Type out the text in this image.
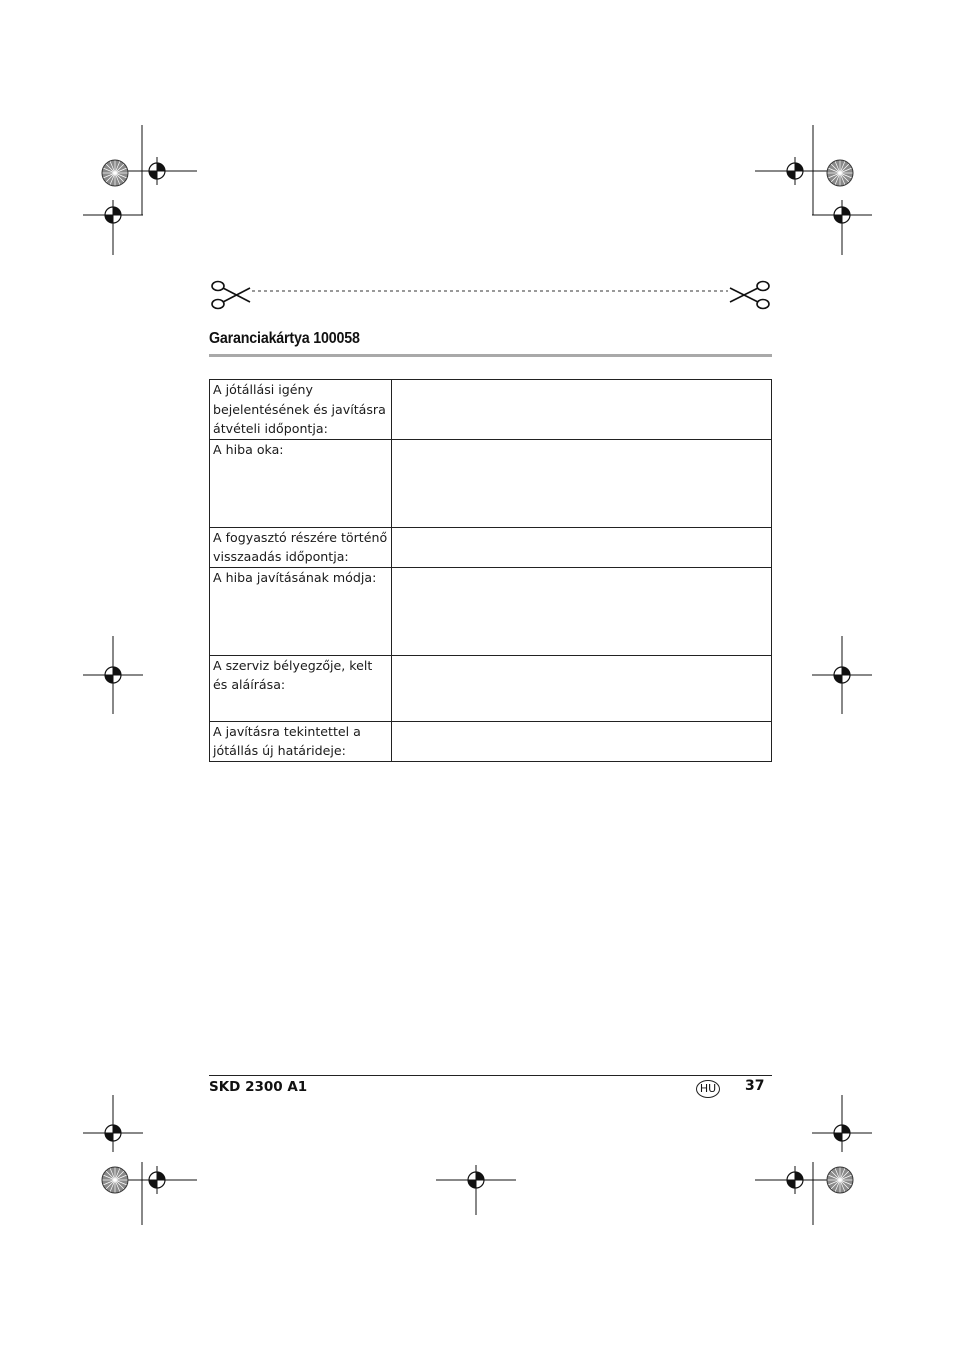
Garanciakártya 100058
A jótállási igény bejelentésének és javításra átvételi időpontja:	
A hiba oka:	
A fogyasztó részére történő visszaadás időpontja:	
A hiba javításának módja:	
A szerviz bélyegzője, kelt és aláírása:	
A javításra tekintettel a jótállás új határideje:	
SKD 2300 A1	HU 37
